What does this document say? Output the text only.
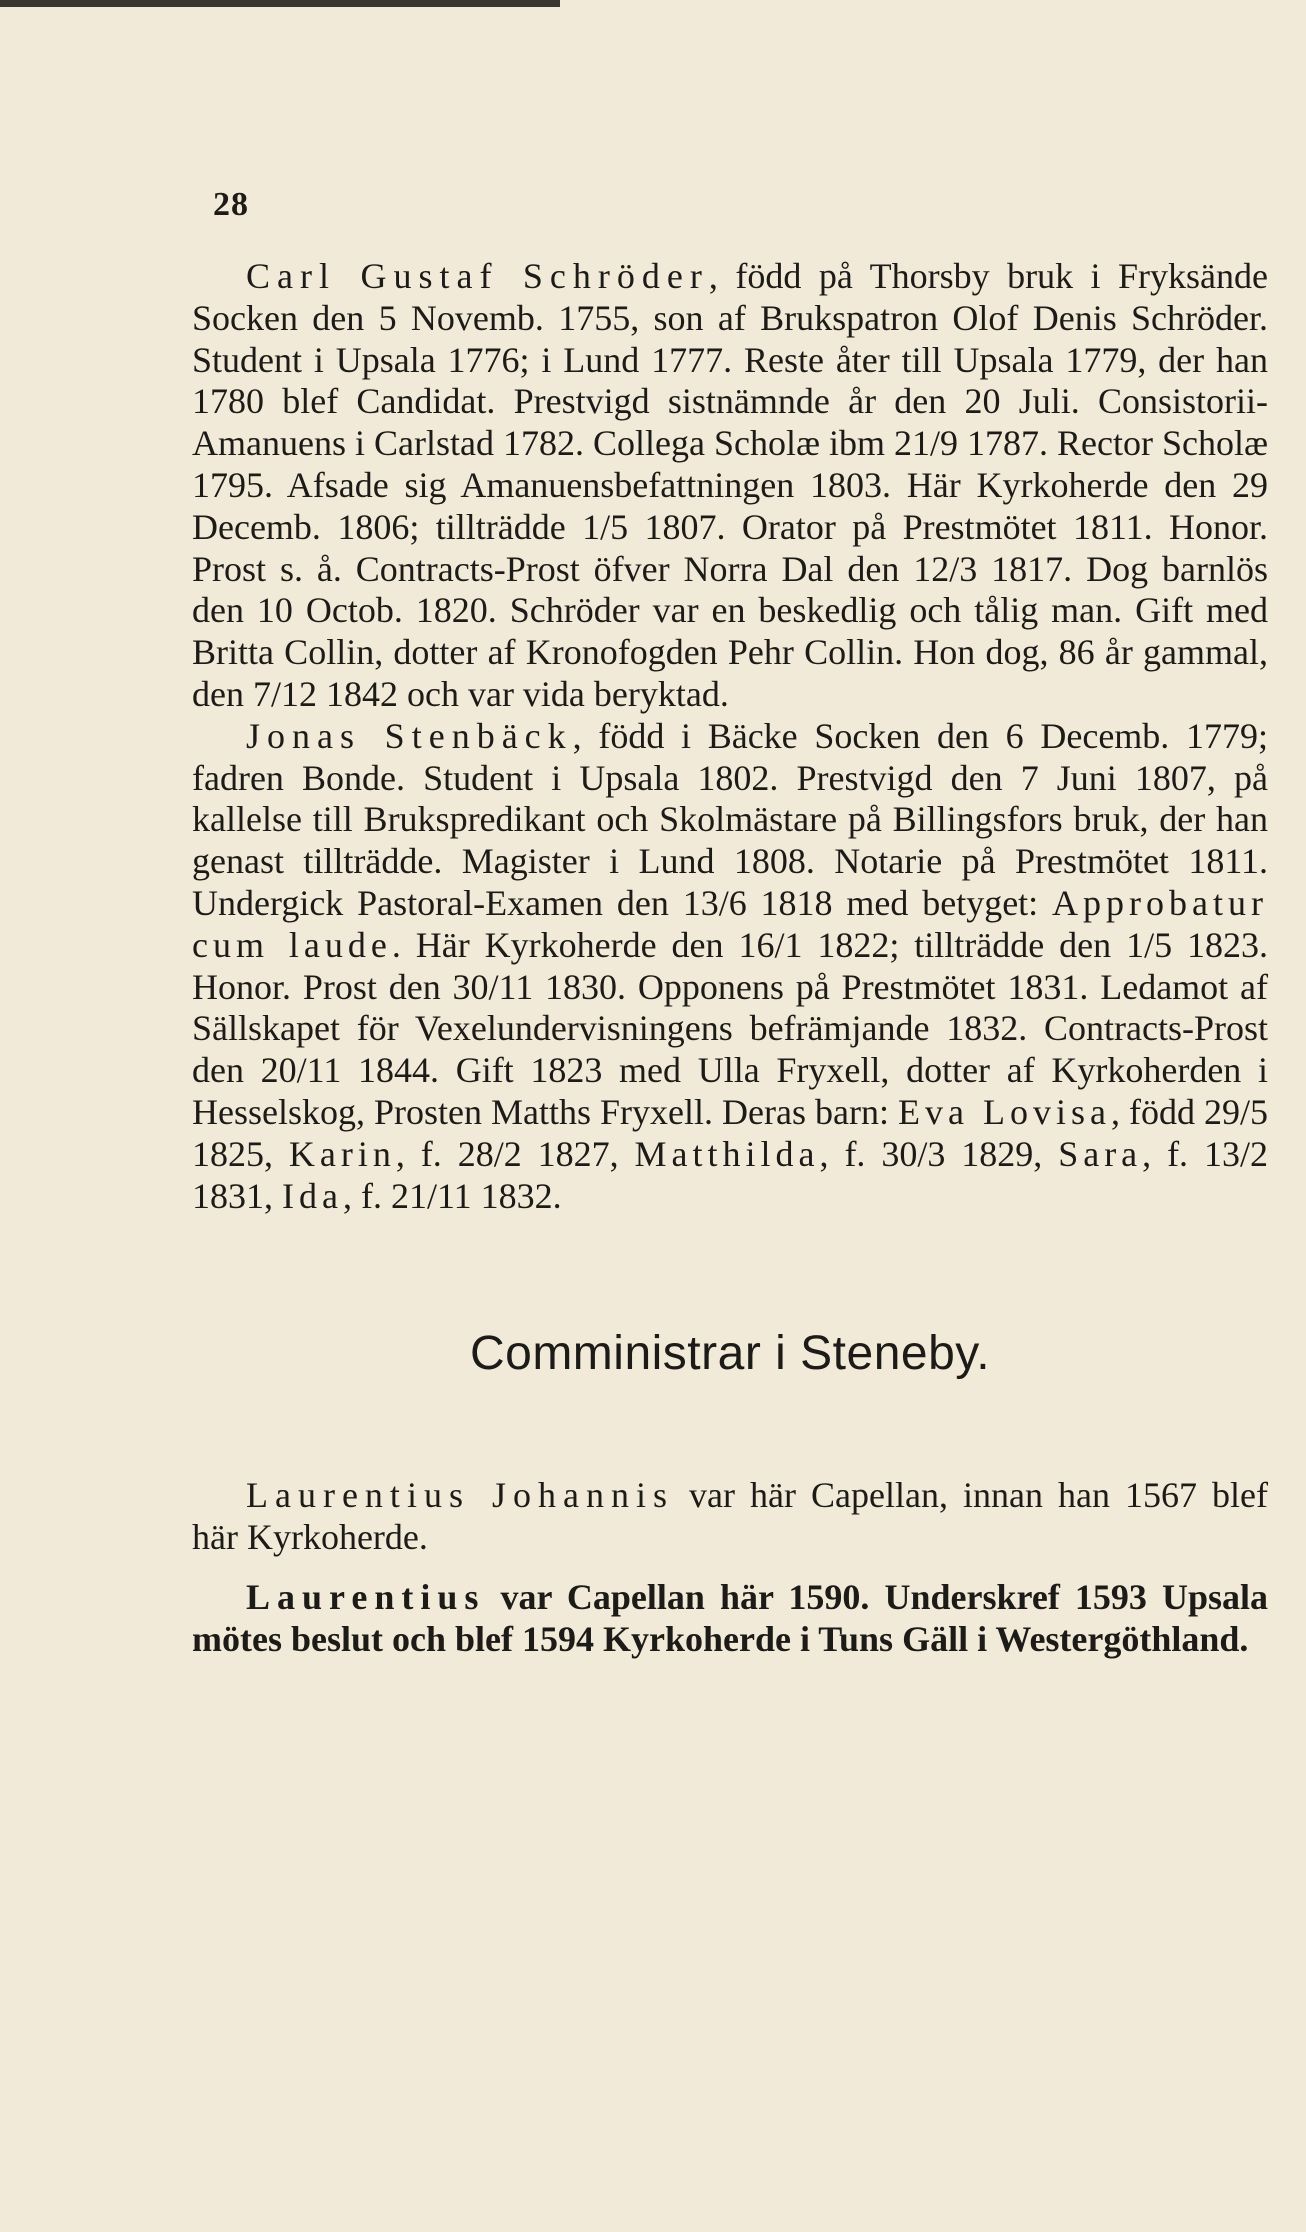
28

Carl Gustaf Schröder, född på Thorsby bruk i Fryksände Socken den 5 Novemb. 1755, son af Brukspatron Olof Denis Schröder. Student i Upsala 1776; i Lund 1777. Reste åter till Upsala 1779, der han 1780 blef Candidat. Prestvigd sistnämnde år den 20 Juli. Consistorii-Amanuens i Carlstad 1782. Collega Scholæ ibm 21/9 1787. Rector Scholæ 1795. Afsade sig Amanuensbefattningen 1803. Här Kyrkoherde den 29 Decemb. 1806; tillträdde 1/5 1807. Orator på Prestmötet 1811. Honor. Prost s. å. Contracts-Prost öfver Norra Dal den 12/3 1817. Dog barnlös den 10 Octob. 1820. Schröder var en beskedlig och tålig man. Gift med Britta Collin, dotter af Kronofogden Pehr Collin. Hon dog, 86 år gammal, den 7/12 1842 och var vida beryktad.

Jonas Stenbäck, född i Bäcke Socken den 6 Decemb. 1779; fadren Bonde. Student i Upsala 1802. Prestvigd den 7 Juni 1807, på kallelse till Brukspredikant och Skolmästare på Billingsfors bruk, der han genast tillträdde. Magister i Lund 1808. Notarie på Prestmötet 1811. Undergick Pastoral-Examen den 13/6 1818 med betyget: Approbatur cum laude. Här Kyrkoherde den 16/1 1822; tillträdde den 1/5 1823. Honor. Prost den 30/11 1830. Opponens på Prestmötet 1831. Ledamot af Sällskapet för Vexelundervisningens befrämjande 1832. Contracts-Prost den 20/11 1844. Gift 1823 med Ulla Fryxell, dotter af Kyrkoherden i Hesselskog, Prosten Matths Fryxell. Deras barn: Eva Lovisa, född 29/5 1825, Karin, f. 28/2 1827, Matthilda, f. 30/3 1829, Sara, f. 13/2 1831, Ida, f. 21/11 1832.

Comministrar i Steneby.

Laurentius Johannis var här Capellan, innan han 1567 blef här Kyrkoherde.

Laurentius var Capellan här 1590. Underskref 1593 Upsala mötes beslut och blef 1594 Kyrkoherde i Tuns Gäll i Westergöthland.
